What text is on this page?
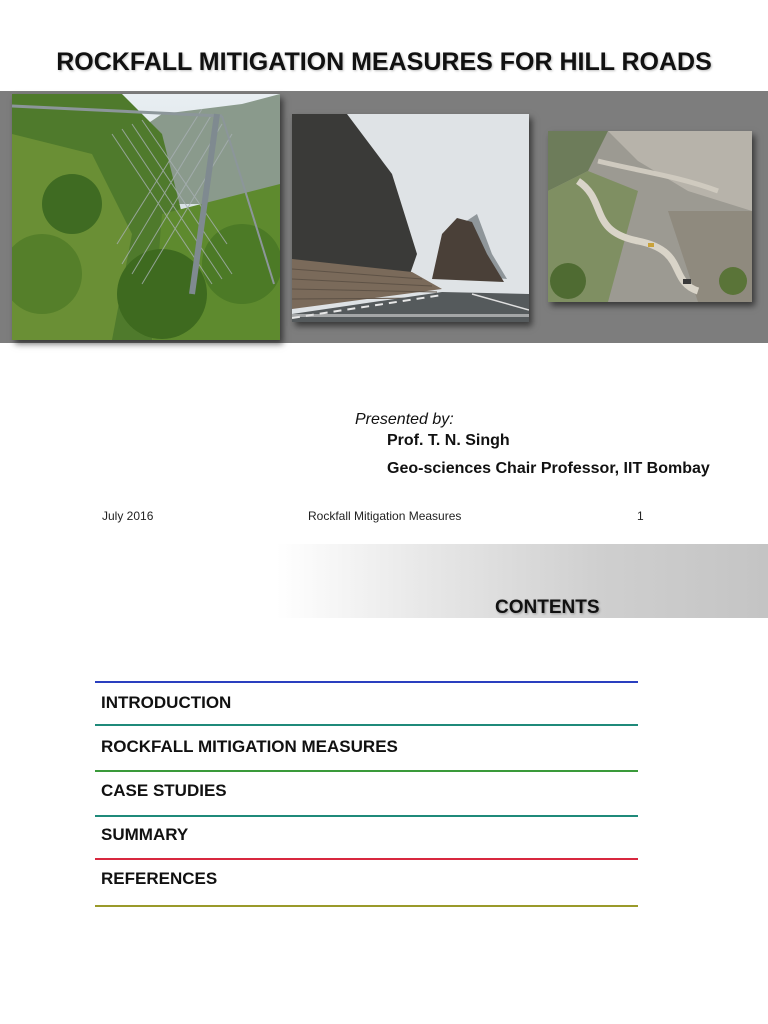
ROCKFALL MITIGATION MEASURES FOR HILL ROADS
Presented by:
Prof. T. N. Singh
Geo-sciences Chair Professor, IIT Bombay
July 2016	Rockfall Mitigation Measures	1
CONTENTS
INTRODUCTION
ROCKFALL MITIGATION MEASURES
CASE STUDIES
SUMMARY
REFERENCES
